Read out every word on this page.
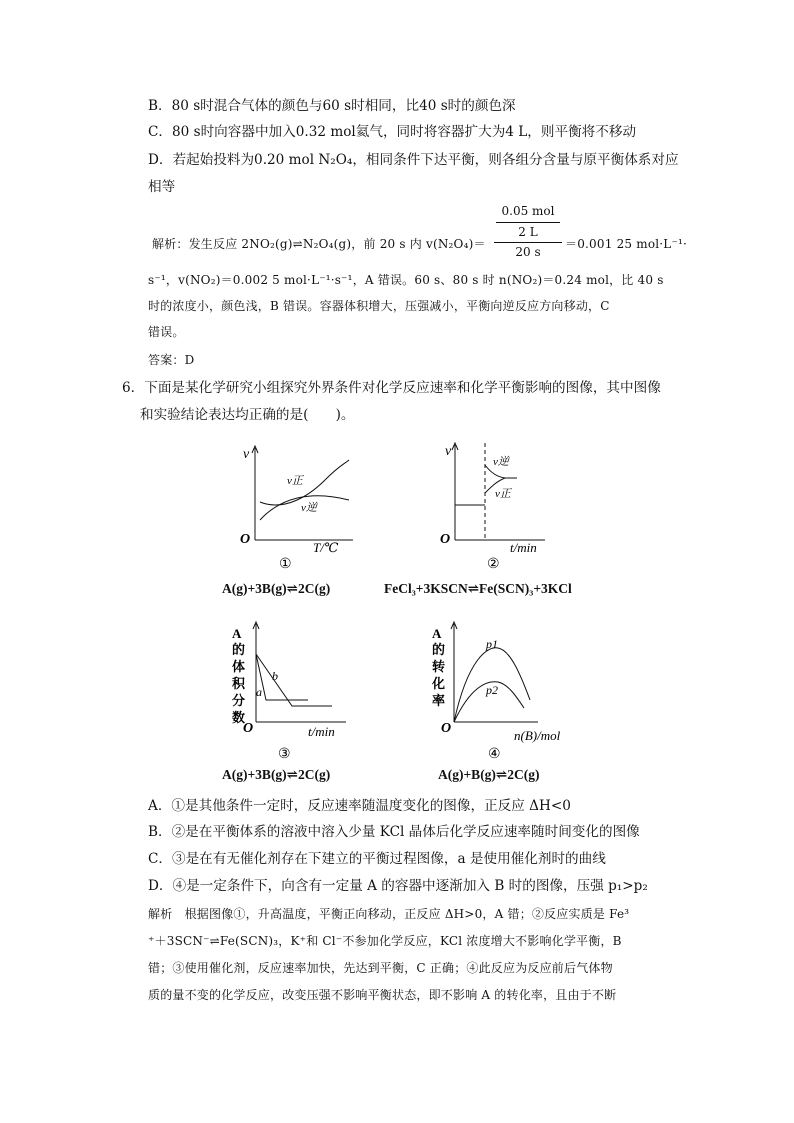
B．80 s时混合气体的颜色与60 s时相同，比40 s时的颜色深
C．80 s时向容器中加入0.32 mol氦气，同时将容器扩大为4 L，则平衡将不移动
D．若起始投料为0.20 mol N₂O₄，相同条件下达平衡，则各组分含量与原平衡体系对应
相等
0.05 mol
2 L
20 s
解析：发生反应 2NO₂(g)⇌N₂O₄(g)，前 20 s 内 v(N₂O₄)＝	＝0.001 25 mol·L⁻¹·
s⁻¹，v(NO₂)＝0.002 5 mol·L⁻¹·s⁻¹，A 错误。60 s、80 s 时 n(NO₂)＝0.24 mol，比 40 s
时的浓度小，颜色浅，B 错误。容器体积增大，压强减小，平衡向逆反应方向移动，C
错误。
答案：D
6．下面是某化学研究小组探究外界条件对化学反应速率和化学平衡影响的图像，其中图像
和实验结论表达均正确的是(　　)。
v
O
T/℃
v正
v逆
①
A(g)+3B(g)⇌2C(g)
v
O
t/min
v逆
v正
②
FeCl₃+3KSCN⇌Fe(SCN)₃+3KCl
A
的
体
积
分
数
O	t/min
a
b
③
A(g)+3B(g)⇌2C(g)
A
的
转
化
率
O	n(B)/mol
p1
p2
④
A(g)+B(g)⇌2C(g)
A．①是其他条件一定时，反应速率随温度变化的图像，正反应 ΔH<0
B．②是在平衡体系的溶液中溶入少量 KCl 晶体后化学反应速率随时间变化的图像
C．③是在有无催化剂存在下建立的平衡过程图像，a 是使用催化剂时的曲线
D．④是一定条件下，向含有一定量 A 的容器中逐渐加入 B 时的图像，压强 p₁>p₂
解析　根据图像①，升高温度，平衡正向移动，正反应 ΔH>0，A 错；②反应实质是 Fe³
⁺＋3SCN⁻⇌Fe(SCN)₃，K⁺和 Cl⁻不参加化学反应，KCl 浓度增大不影响化学平衡，B
错；③使用催化剂，反应速率加快，先达到平衡，C 正确；④此反应为反应前后气体物
质的量不变的化学反应，改变压强不影响平衡状态，即不影响 A 的转化率，且由于不断
